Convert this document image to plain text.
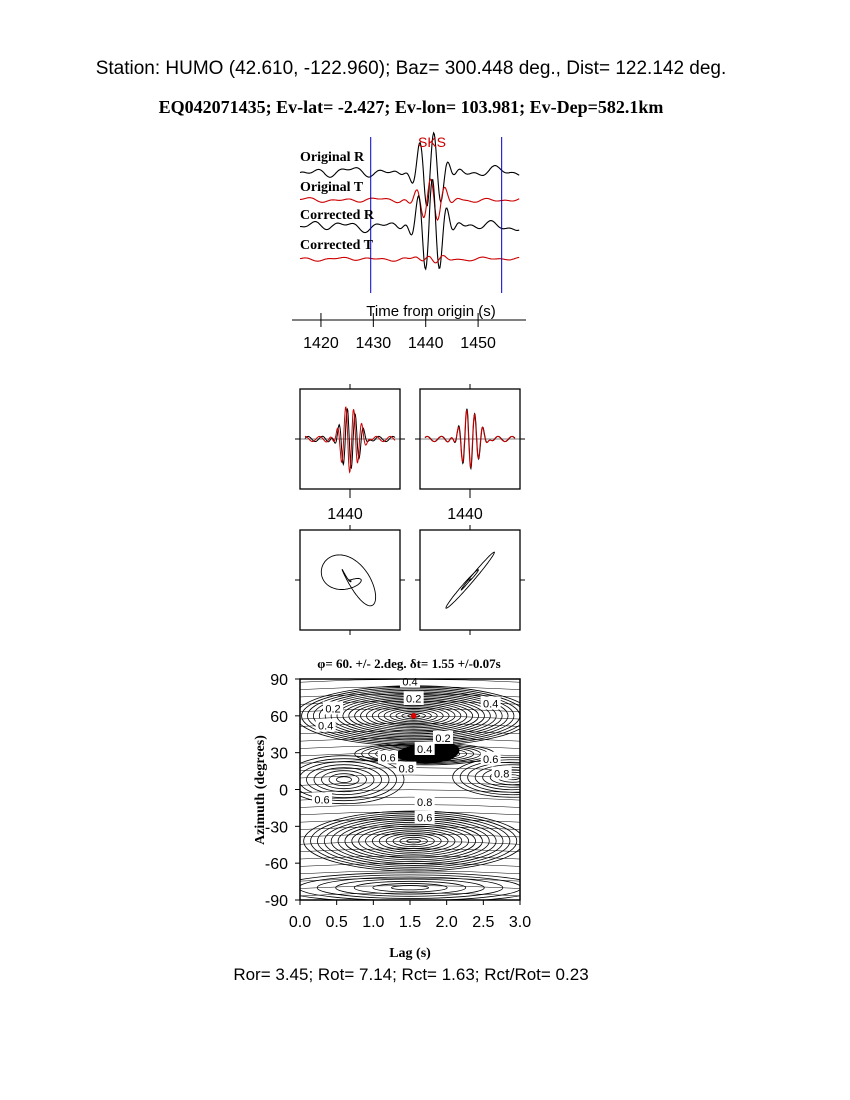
Station: HUMO (42.610, -122.960); Baz= 300.448 deg., Dist= 122.142 deg.
EQ042071435; Ev-lat= -2.427; Ev-lon= 103.981; Ev-Dep=582.1km
SKS
Original R
Original T
Corrected R
Corrected T
Time from origin (s)
1420 1430 1440 1450
1440	1440
φ= 60. +/- 2.deg. δt= 1.55 +/-0.07s
0.4
0.2
0.2	0.4
0.4
0.2
0.4
0.6
0.8
0.6
0.8
0.6	0.8
0.6
0.0 0.5 1.0 1.5 2.0 2.5 3.0
90
60
30
0
-30
-60
-90
Lag (s)
Azimuth (degrees)
Ror= 3.45; Rot= 7.14; Rct= 1.63; Rct/Rot= 0.23
